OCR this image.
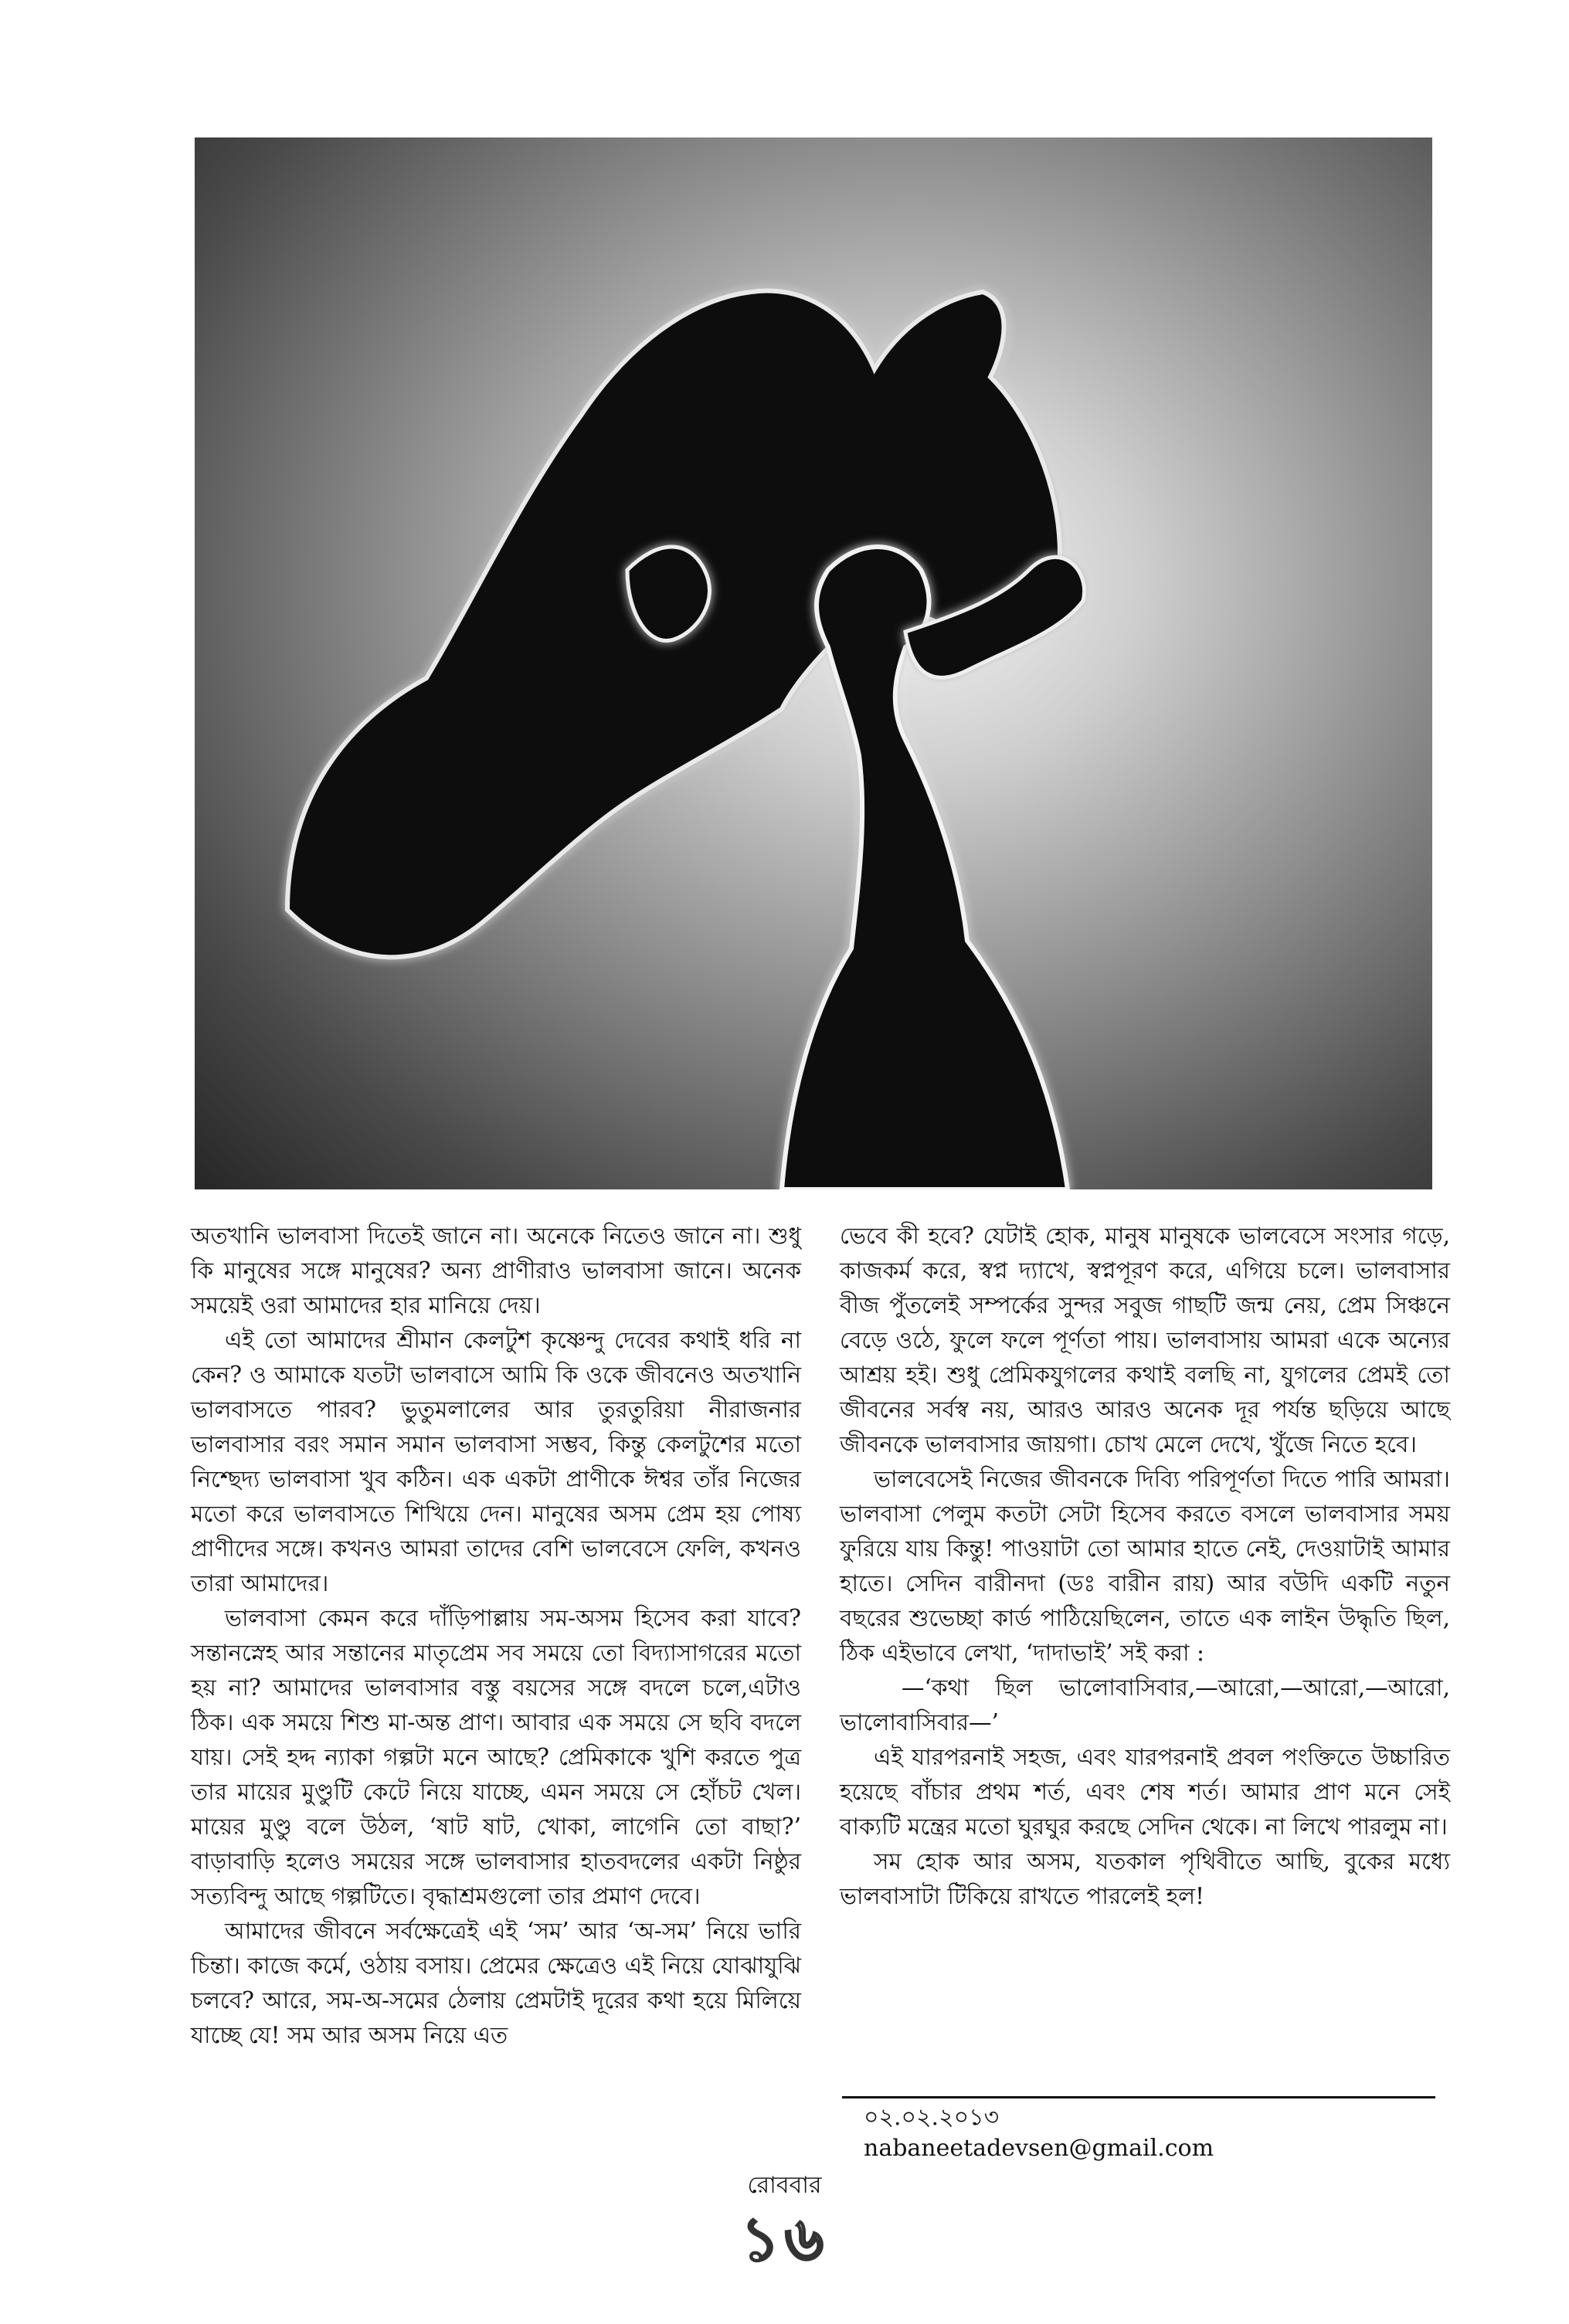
অতখানি ভালবাসা দিতেই জানে না। অনেকে নিতেও জানে না। শুধু কি মানুষের সঙ্গে মানুষের? অন্য প্রাণীরাও ভালবাসা জানে। অনেক সময়েই ওরা আমাদের হার মানিয়ে দেয়।

এই তো আমাদের শ্রীমান কেলটুশ কৃষ্ণেন্দু দেবের কথাই ধরি না কেন? ও আমাকে যতটা ভালবাসে আমি কি ওকে জীবনেও অতখানি ভালবাসতে পারব? ভুতুমলালের আর তুরতুরিয়া নীরাজনার ভালবাসার বরং সমান সমান ভালবাসা সম্ভব, কিন্তু কেলটুশের মতো নিশ্ছেদ্য ভালবাসা খুব কঠিন। এক একটা প্রাণীকে ঈশ্বর তাঁর নিজের মতো করে ভালবাসতে শিখিয়ে দেন। মানুষের অসম প্রেম হয় পোষ্য প্রাণীদের সঙ্গে। কখনও আমরা তাদের বেশি ভালবেসে ফেলি, কখনও তারা আমাদের।

ভালবাসা কেমন করে দাঁড়িপাল্লায় সম-অসম হিসেব করা যাবে? সন্তানস্নেহ আর সন্তানের মাতৃপ্রেম সব সময়ে তো বিদ্যাসাগরের মতো হয় না? আমাদের ভালবাসার বস্তু বয়সের সঙ্গে বদলে চলে,এটাও ঠিক। এক সময়ে শিশু মা-অন্ত প্রাণ। আবার এক সময়ে সে ছবি বদলে যায়। সেই হদ্দ ন্যাকা গল্পটা মনে আছে? প্রেমিকাকে খুশি করতে পুত্র তার মায়ের মুণ্ডুটি কেটে নিয়ে যাচ্ছে, এমন সময়ে সে হোঁচট খেল। মায়ের মুণ্ডু বলে উঠল, ‘ষাট ষাট, খোকা, লাগেনি তো বাছা?’ বাড়াবাড়ি হলেও সময়ের সঙ্গে ভালবাসার হাতবদলের একটা নিষ্ঠুর সত্যবিন্দু আছে গল্পটিতে। বৃদ্ধাশ্রমগুলো তার প্রমাণ দেবে।

আমাদের জীবনে সর্বক্ষেত্রেই এই ‘সম’ আর ‘অ-সম’ নিয়ে ভারি চিন্তা। কাজে কর্মে, ওঠায় বসায়। প্রেমের ক্ষেত্রেও এই নিয়ে যোঝাযুঝি চলবে? আরে, সম-অ-সমের ঠেলায় প্রেমটাই দূরের কথা হয়ে মিলিয়ে যাচ্ছে যে! সম আর অসম নিয়ে এত

ভেবে কী হবে? যেটাই হোক, মানুষ মানুষকে ভালবেসে সংসার গড়ে, কাজকর্ম করে, স্বপ্ন দ্যাখে, স্বপ্নপূরণ করে, এগিয়ে চলে। ভালবাসার বীজ পুঁতলেই সম্পর্কের সুন্দর সবুজ গাছটি জন্ম নেয়, প্রেম সিঞ্চনে বেড়ে ওঠে, ফুলে ফলে পূর্ণতা পায়। ভালবাসায় আমরা একে অন্যের আশ্রয় হই। শুধু প্রেমিকযুগলের কথাই বলছি না, যুগলের প্রেমই তো জীবনের সর্বস্ব নয়, আরও আরও অনেক দূর পর্যন্ত ছড়িয়ে আছে জীবনকে ভালবাসার জায়গা। চোখ মেলে দেখে, খুঁজে নিতে হবে।

ভালবেসেই নিজের জীবনকে দিব্যি পরিপূর্ণতা দিতে পারি আমরা। ভালবাসা পেলুম কতটা সেটা হিসেব করতে বসলে ভালবাসার সময় ফুরিয়ে যায় কিন্তু! পাওয়াটা তো আমার হাতে নেই, দেওয়াটাই আমার হাতে। সেদিন বারীনদা (ডঃ বারীন রায়) আর বউদি একটি নতুন বছরের শুভেচ্ছা কার্ড পাঠিয়েছিলেন, তাতে এক লাইন উদ্ধৃতি ছিল, ঠিক এইভাবে লেখা, ‘দাদাভাই’ সই করা :

—‘কথা ছিল ভালোবাসিবার,—আরো,—আরো,—আরো, ভালোবাসিবার—’

এই যারপরনাই সহজ, এবং যারপরনাই প্রবল পংক্তিতে উচ্চারিত হয়েছে বাঁচার প্রথম শর্ত, এবং শেষ শর্ত। আমার প্রাণ মনে সেই বাক্যটি মন্ত্রের মতো ঘুরঘুর করছে সেদিন থেকে। না লিখে পারলুম না।

সম হোক আর অসম, যতকাল পৃথিবীতে আছি, বুকের মধ্যে ভালবাসাটা টিকিয়ে রাখতে পারলেই হল!

০২.০২.২০১৩
nabaneetadevsen@gmail.com
রোববার
১৬
